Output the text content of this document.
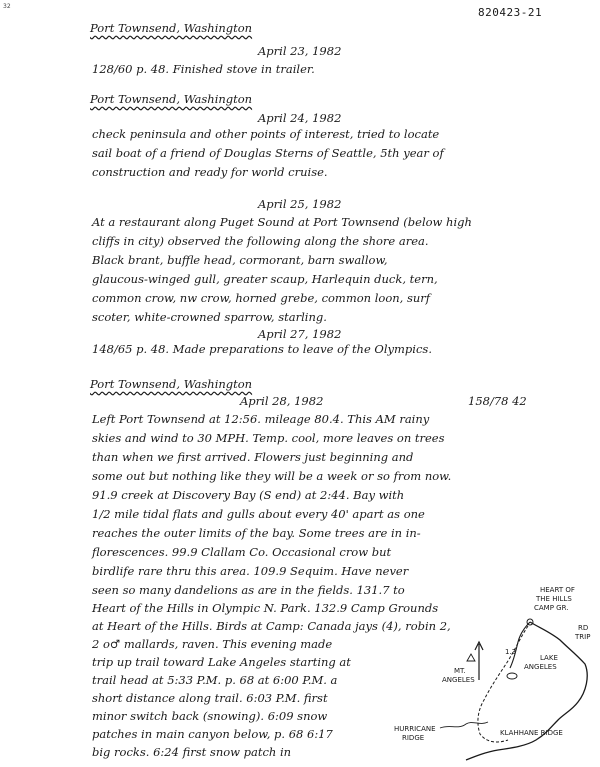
32	820423-21
Port Townsend, Washington
April 23, 1982
128/60 p. 48. Finished stove in trailer.
Port Townsend, Washington
April 24, 1982
check peninsula and other points of interest, tried to locate
sail boat of a friend of Douglas Sterns of Seattle, 5th year of
construction and ready for world cruise.
April 25, 1982
At a restaurant along Puget Sound at Port Townsend (below high
cliffs in city) observed the following along the shore area.
Black brant, buffle head, cormorant, barn swallow,
glaucous-winged gull, greater scaup, Harlequin duck, tern,
common crow, nw crow, horned grebe, common loon, surf
scoter, white-crowned sparrow, starling.
April 27, 1982
148/65 p. 48. Made preparations to leave of the Olympics.
Port Townsend, Washington
April 28, 1982	158/78 42
Left Port Townsend at 12:56. mileage 80.4. This AM rainy
skies and wind to 30 MPH. Temp. cool, more leaves on trees
than when we first arrived. Flowers just beginning and
some out but nothing like they will be a week or so from now.
91.9 creek at Discovery Bay (S end) at 2:44. Bay with
1/2 mile tidal flats and gulls about every 40' apart as one
reaches the outer limits of the bay. Some trees are in in-
florescences. 99.9 Clallam Co. Occasional crow but
birdlife rare thru this area. 109.9 Sequim. Have never
seen so many dandelions as are in the fields. 131.7 to
Heart of the Hills in Olympic N. Park. 132.9 Camp Grounds
at Heart of the Hills. Birds at Camp: Canada jays (4), robin 2,
2 o♂ mallards, raven. This evening made
trip up trail toward Lake Angeles starting at
trail head at 5:33 P.M. p. 68 at 6:00 P.M. a
short distance along trail. 6:03 P.M. first
minor switch back (snowing). 6:09 snow
patches in main canyon below, p. 68 6:17
big rocks. 6:24 first snow patch in
HEART OF
THE HILLS
CAMP GR.
RD
TRIP
1.3
LAKE
ANGELES
MT.
ANGELES
HURRICANE
RIDGE
KLAHHANE RIDGE
